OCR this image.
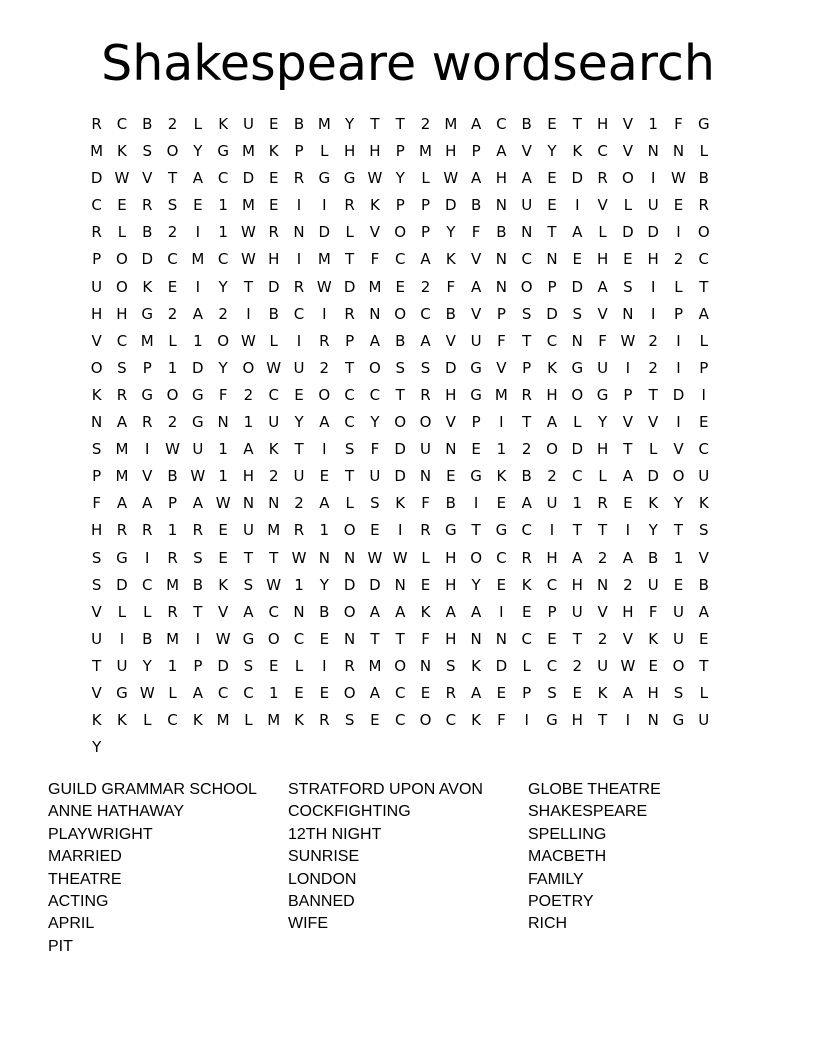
Shakespeare wordsearch
R C B	2	L	K U	E	B M Y	T	T	2 M A C B	E	T	H V	1	F	G
M K	S O Y G M K	P	L	H H	P M H	P	A	V	Y	K	C V N N	L
D W V	T	A C D E	R G G W Y	L W A H A	E D R O	I	W B
C	E	R	S	E	1 M E	I	I	R	K	P	P D B N U	E	I	V	L	U	E	R
R	L	B	2	I	1 W R N D	L	V O P	Y	F	B N	T	A	L	D D	I	O
P O D C M C W H	I	M T	F	C A	K	V N C N E H E H 2	C
U O K	E	I	Y	T D R W D M E	2	F	A N O P D A	S	I	L	T
H H G 2	A	2	I	B C	I	R N O C B	V	P	S D S	V N	I	P	A
V C M L	1 O W L	I	R	P	A	B	A	V U	F	T	C N	F W 2	I	L
O S	P	1 D Y O W U	2	T O S	S D G V	P	K G U	I	2	I	P
K	R G O G	F	2	C	E O C C	T	R H G M R H O G P	T D	I
N A R	2 G N 1	U	Y	A C	Y O O V	P	I	T	A	L	Y	V	V	I	E
S M	I	W U	1	A	K	T	I	S	F	D U N E	1	2 O D H	T	L	V C
P M V	B W 1 H 2	U	E	T	U D N E G K	B	2	C	L	A D O U
F	A	A	P	A W N N 2	A	L	S	K	F	B	I	E	A U	1	R	E	K	Y	K
H R R	1	R	E	U M R	1 O E	I	R G T G C	I	T	T	I	Y	T	S
S G	I	R	S	E	T	T W N N W W L	H O C R H A	2	A	B	1	V
S D C M B	K	S W 1	Y D D N E H	Y	E	K	C H N 2	U	E	B
V	L	L	R	T	V	A C N B O A	A	K	A	A	I	E	P	U V H	F	U A
U	I	B M	I	W G O C	E N	T	T	F	H N N C	E	T	2	V	K U	E
T	U	Y	1	P D S	E	L	I	R M O N S	K D	L	C	2	U W E O T
V G W L	A C C	1	E	E O A C	E	R A	E	P	S	E	K	A H S	L
K	K	L	C	K M L M K	R	S	E	C O C	K	F	I	G H	T	I	N G U
Y
GUILD GRAMMAR SCHOOL
ANNE HATHAWAY
PLAYWRIGHT
MARRIED
THEATRE
ACTING
APRIL
PIT
STRATFORD UPON AVON
COCKFIGHTING
12TH NIGHT
SUNRISE
LONDON
BANNED
WIFE
GLOBE THEATRE
SHAKESPEARE
SPELLING
MACBETH
FAMILY
POETRY
RICH
